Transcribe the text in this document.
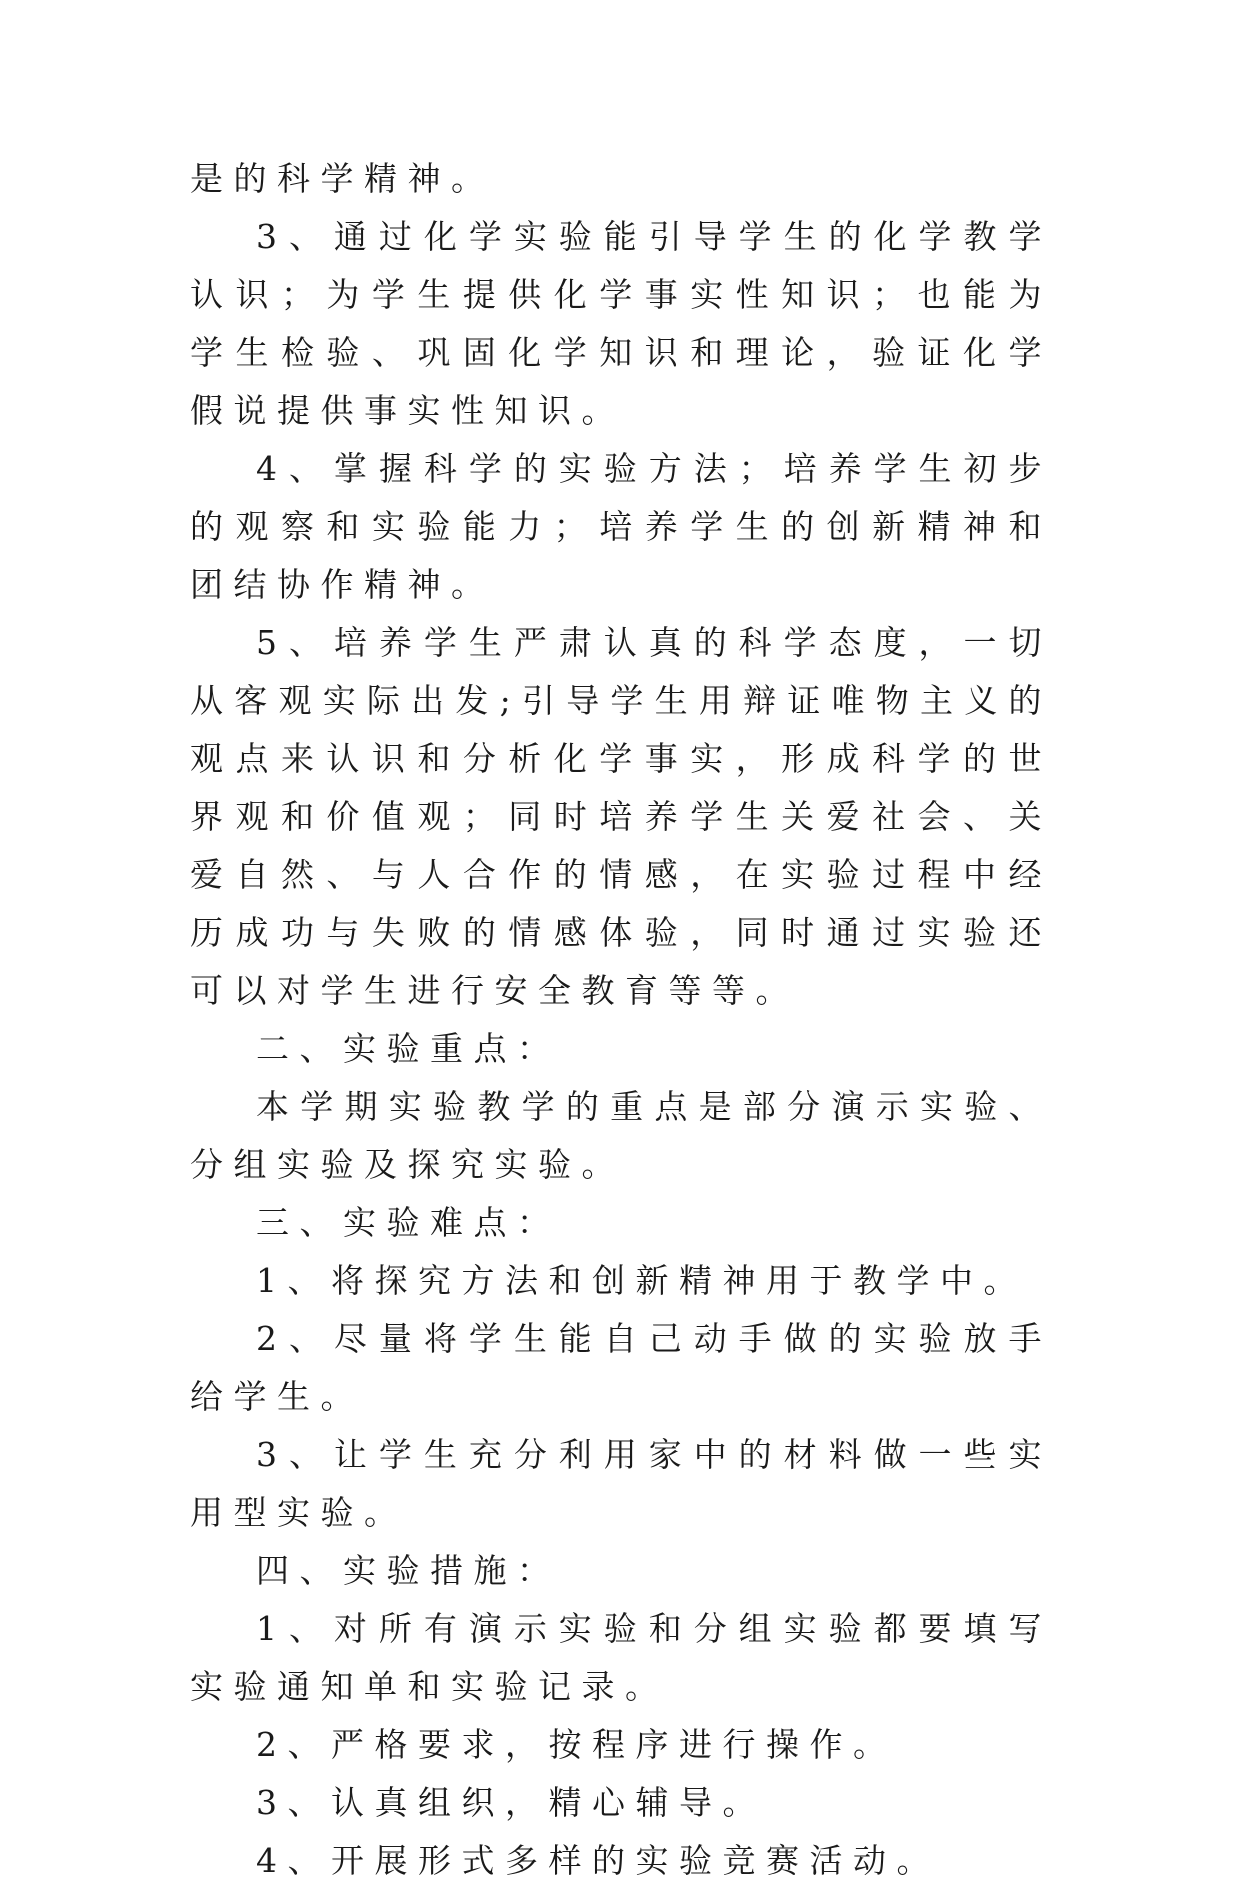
是的科学精神。

3、通过化学实验能引导学生的化学教学认识；为学生提供化学事实性知识；也能为学生检验、巩固化学知识和理论，验证化学假说提供事实性知识。

4、掌握科学的实验方法；培养学生初步的观察和实验能力；培养学生的创新精神和团结协作精神。

5、培养学生严肃认真的科学态度，一切从客观实际出发;引导学生用辩证唯物主义的观点来认识和分析化学事实，形成科学的世界观和价值观；同时培养学生关爱社会、关爱自然、与人合作的情感，在实验过程中经历成功与失败的情感体验，同时通过实验还可以对学生进行安全教育等等。

二、实验重点：

本学期实验教学的重点是部分演示实验、分组实验及探究实验。

三、实验难点：

1、将探究方法和创新精神用于教学中。

2、尽量将学生能自己动手做的实验放手给学生。

3、让学生充分利用家中的材料做一些实用型实验。

四、实验措施：

1、对所有演示实验和分组实验都要填写实验通知单和实验记录。

2、严格要求，按程序进行操作。

3、认真组织，精心辅导。

4、开展形式多样的实验竞赛活动。
